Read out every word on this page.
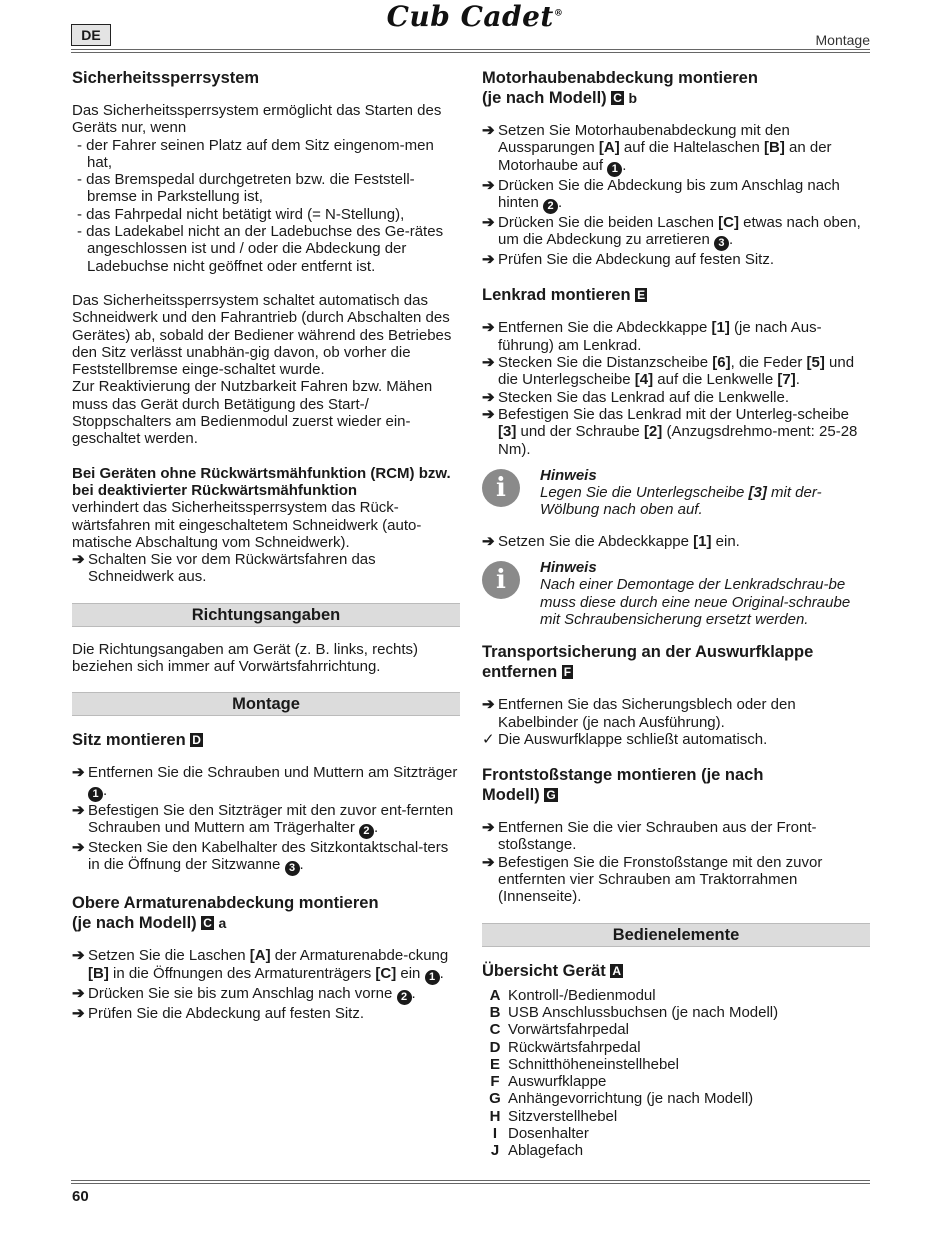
DE
Cub Cadet®
Montage
Sicherheitssperrsystem

Das Sicherheitssperrsystem ermöglicht das Starten des Geräts nur, wenn

- der Fahrer seinen Platz auf dem Sitz eingenom-men hat,

- das Bremspedal durchgetreten bzw. die Feststell-bremse in Parkstellung ist,

- das Fahrpedal nicht betätigt wird (= N-Stellung),

- das Ladekabel nicht an der Ladebuchse des Ge-rätes angeschlossen ist und / oder die Abdeckung der Ladebuchse nicht geöffnet oder entfernt ist.

Das Sicherheitssperrsystem schaltet automatisch das Schneidwerk und den Fahrantrieb (durch Abschalten des Gerätes) ab, sobald der Bediener während des Betriebes den Sitz verlässt unabhän-gig davon, ob vorher die Feststellbremse einge-schaltet wurde.

Zur Reaktivierung der Nutzbarkeit Fahren bzw. Mähen muss das Gerät durch Betätigung des Start-/ Stoppschalters am Bedienmodul zuerst wieder ein-geschaltet werden.

Bei Geräten ohne Rückwärtsmähfunktion (RCM) bzw. bei deaktivierter Rückwärtsmähfunktion

verhindert das Sicherheitssperrsystem das Rück-wärtsfahren mit eingeschaltetem Schneidwerk (auto-matische Abschaltung vom Schneidwerk).

➔ Schalten Sie vor dem Rückwärtsfahren das Schneidwerk aus.

Richtungsangaben

Die Richtungsangaben am Gerät (z. B. links, rechts) beziehen sich immer auf Vorwärtsfahrrichtung.

Montage
Sitz montieren D

➔ Entfernen Sie die Schrauben und Muttern am Sitzträger 1 .

➔ Befestigen Sie den Sitzträger mit den zuvor ent-fernten Schrauben und Muttern am Trägerhalter 2 .

➔ Stecken Sie den Kabelhalter des Sitzkontaktschal-ters in die Öffnung der Sitzwanne 3 .

Obere Armaturenabdeckung montieren
(je nach Modell) C a

➔ Setzen Sie die Laschen [A] der Armaturenabde-ckung [B] in die Öffnungen des Armaturenträgers [C] ein 1 .

➔ Drücken Sie sie bis zum Anschlag nach vorne 2 .

➔ Prüfen Sie die Abdeckung auf festen Sitz.

Motorhaubenabdeckung montieren
(je nach Modell) C b

➔ Setzen Sie Motorhaubenabdeckung mit den Aussparungen [A] auf die Haltelaschen [B] an der Motorhaube auf 1 .

➔ Drücken Sie die Abdeckung bis zum Anschlag nach hinten 2 .

➔ Drücken Sie die beiden Laschen [C] etwas nach oben, um die Abdeckung zu arretieren 3 .

➔ Prüfen Sie die Abdeckung auf festen Sitz.

Lenkrad montieren E

➔ Entfernen Sie die Abdeckkappe [1] (je nach Aus-führung) am Lenkrad.

➔ Stecken Sie die Distanzscheibe [6], die Feder [5] und die Unterlegscheibe [4] auf die Lenkwelle [7].

➔ Stecken Sie das Lenkrad auf die Lenkwelle.

➔ Befestigen Sie das Lenkrad mit der Unterleg-scheibe [3] und der Schraube [2] (Anzugsdrehmo-ment: 25-28 Nm).

i	Hinweis

Legen Sie die Unterlegscheibe [3] mit der-Wölbung nach oben auf.

➔ Setzen Sie die Abdeckkappe [1] ein.

i	Hinweis

Nach einer Demontage der Lenkradschrau-be muss diese durch eine neue Original-schraube mit Schraubensicherung ersetzt werden.

Transportsicherung an der Auswurfklappe
entfernen F

➔ Entfernen Sie das Sicherungsblech oder den Kabelbinder (je nach Ausführung).

✓ Die Auswurfklappe schließt automatisch.

Frontstoßstange montieren (je nach
Modell) G

➔ Entfernen Sie die vier Schrauben aus der Front-stoßstange.

➔ Befestigen Sie die Fronstoßstange mit den zuvor entfernten vier Schrauben am Traktorrahmen (Innenseite).

Bedienelemente
Übersicht Gerät A
A Kontroll-/Bedienmodul
B USB Anschlussbuchsen (je nach Modell)
C Vorwärtsfahrpedal
D Rückwärtsfahrpedal
E Schnitthöheneinstellhebel
F Auswurfklappe
G Anhängevorrichtung (je nach Modell)
H Sitzverstellhebel
I Dosenhalter
J Ablagefach
60
